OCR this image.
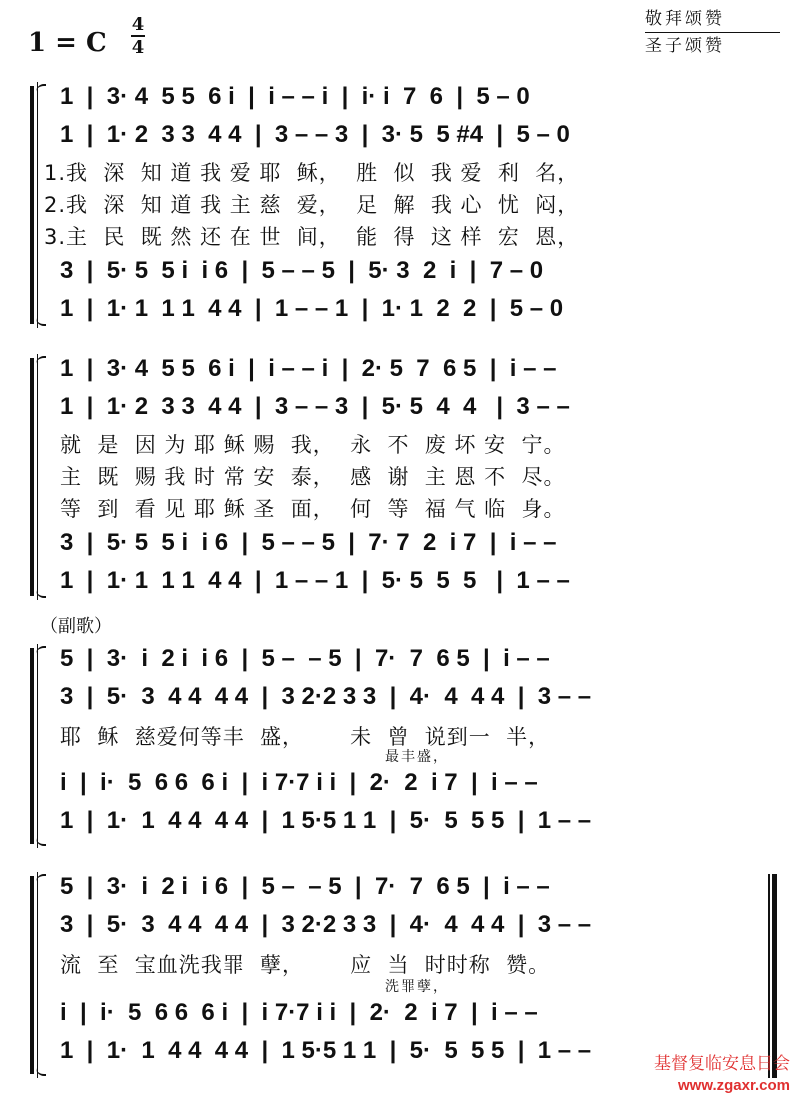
1 = C
4
4
敬拜颂赞
圣子颂赞
1  |  3· 4  5 5  6 i  |  i – – i  |  i· i  7  6  |  5 – 0
1  |  1· 2  3 3  4 4  |  3 – – 3  |  3· 5  5 #4  |  5 – 0
1.我  深  知 道 我 爱 耶  稣，  胜  似  我 爱  利  名，
2.我  深  知 道 我 主 慈  爱，  足  解  我 心  忧  闷，
3.主  民  既 然 还 在 世  间，  能  得  这 样  宏  恩，
3  |  5· 5  5 i  i 6  |  5 – – 5  |  5· 3  2  i  |  7 – 0
1  |  1· 1  1 1  4 4  |  1 – – 1  |  1· 1  2  2  |  5 – 0
1  |  3· 4  5 5  6 i  |  i – – i  |  2· 5  7  6 5  |  i – –
1  |  1· 2  3 3  4 4  |  3 – – 3  |  5· 5  4  4   |  3 – –
就  是  因 为 耶 稣 赐  我，  永  不  废 坏 安  宁。
主  既  赐 我 时 常 安  泰，  感  谢  主 恩 不  尽。
等  到  看 见 耶 稣 圣  面，  何  等  福 气 临  身。
3  |  5· 5  5 i  i 6  |  5 – – 5  |  7· 7  2  i 7  |  i – –
1  |  1· 1  1 1  4 4  |  1 – – 1  |  5· 5  5  5   |  1 – –
（副歌）
5  |  3·  i  2 i  i 6  |  5 –  – 5  |  7·  7  6 5  |  i – –
3  |  5·  3  4 4  4 4  |  3 2·2 3 3  |  4·  4  4 4  |  3 – –
耶  稣  慈爱何等丰  盛，      未  曾  说到一  半，
最丰盛，
i  |  i·  5  6 6  6 i  |  i 7·7 i i  |  2·  2  i 7  |  i – –
1  |  1·  1  4 4  4 4  |  1 5·5 1 1  |  5·  5  5 5  |  1 – –
5  |  3·  i  2 i  i 6  |  5 –  – 5  |  7·  7  6 5  |  i – –
3  |  5·  3  4 4  4 4  |  3 2·2 3 3  |  4·  4  4 4  |  3 – –
流  至  宝血洗我罪  孽，      应  当  时时称  赞。
洗罪孽，
i  |  i·  5  6 6  6 i  |  i 7·7 i i  |  2·  2  i 7  |  i – –
1  |  1·  1  4 4  4 4  |  1 5·5 1 1  |  5·  5  5 5  |  1 – –	基督复临安息日会
www.zgaxr.com
